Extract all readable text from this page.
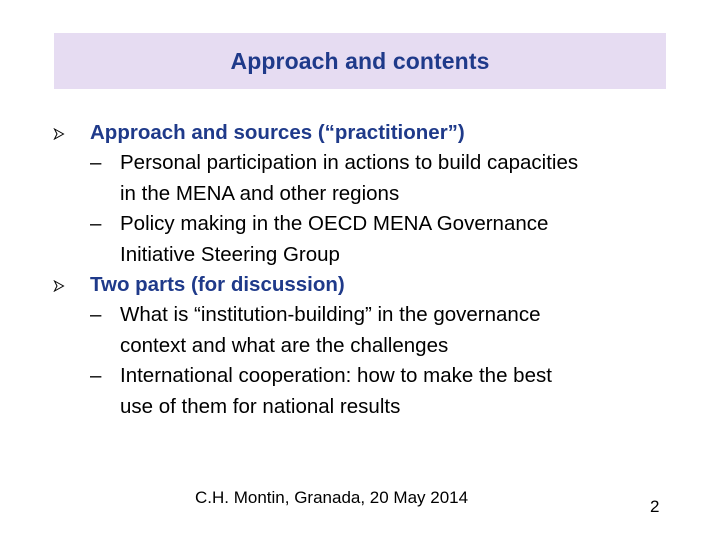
Approach and contents
Approach and sources (“practitioner”)
– Personal participation in actions to build capacities
in the MENA and other regions
– Policy making in the OECD MENA Governance
Initiative Steering Group
Two parts (for discussion)
– What is “institution-building” in the governance
context and what are the challenges
– International cooperation: how to make the best
use of them for national results
C.H. Montin, Granada, 20 May 2014	2
